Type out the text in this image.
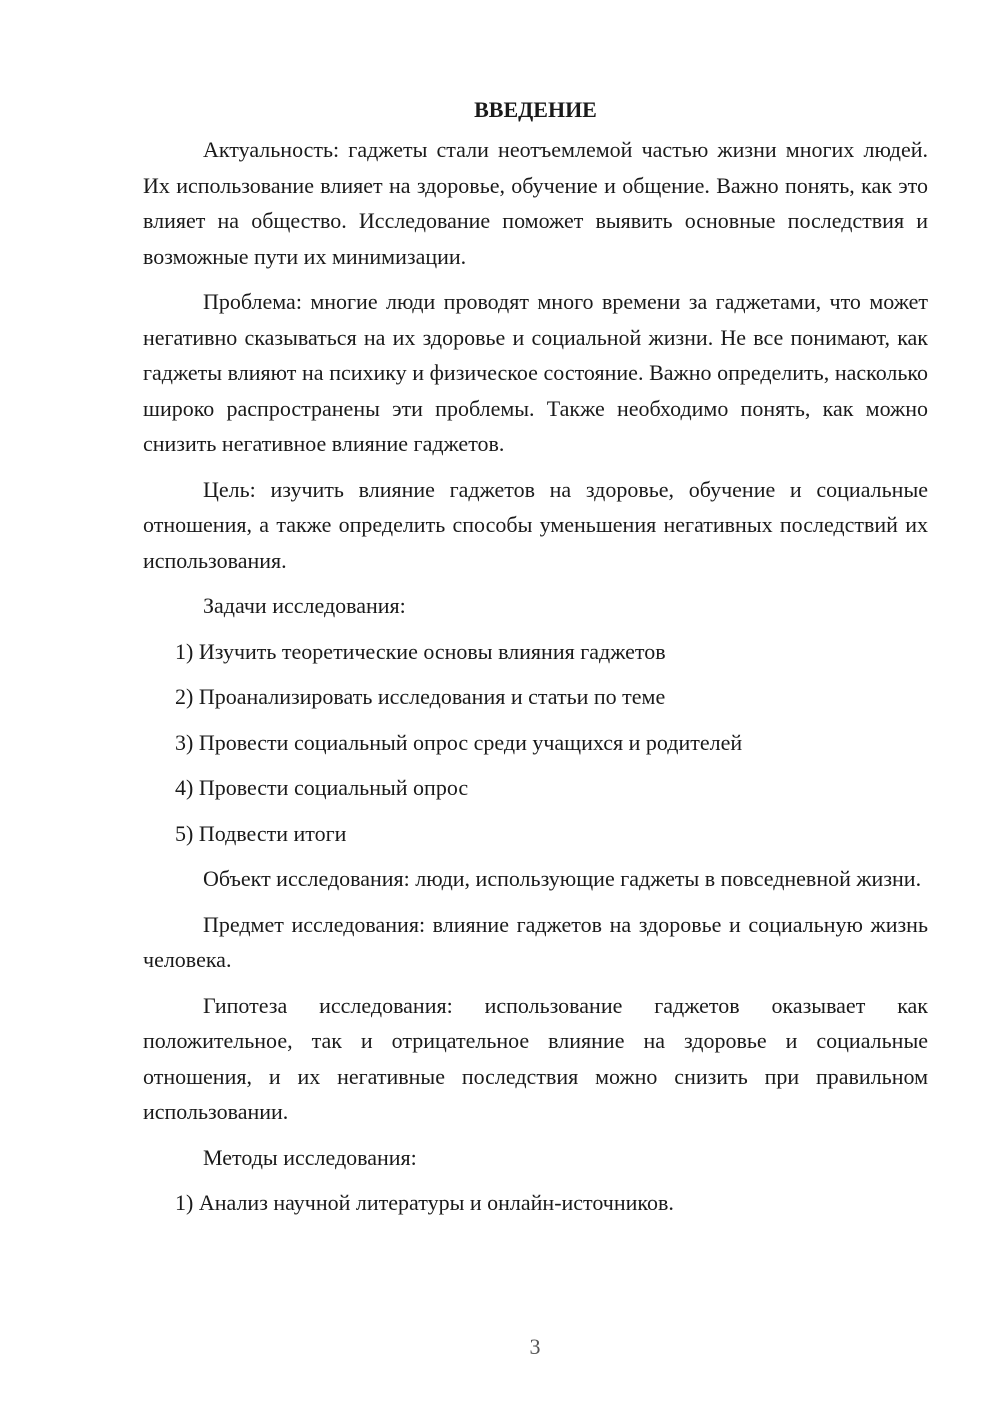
ВВЕДЕНИЕ

Актуальность: гаджеты стали неотъемлемой частью жизни многих людей. Их использование влияет на здоровье, обучение и общение. Важно понять, как это влияет на общество. Исследование поможет выявить основные последствия и возможные пути их минимизации.

Проблема: многие люди проводят много времени за гаджетами, что может негативно сказываться на их здоровье и социальной жизни. Не все понимают, как гаджеты влияют на психику и физическое состояние. Важно определить, насколько широко распространены эти проблемы. Также необходимо понять, как можно снизить негативное влияние гаджетов.

Цель: изучить влияние гаджетов на здоровье, обучение и социальные отношения, а также определить способы уменьшения негативных последствий их использования.

Задачи исследования:

1) Изучить теоретические основы влияния гаджетов

2) Проанализировать исследования и статьи по теме

3) Провести социальный опрос среди учащихся и родителей

4) Провести социальный опрос

5) Подвести итоги

Объект исследования: люди, использующие гаджеты в повседневной жизни.

Предмет исследования: влияние гаджетов на здоровье и социальную жизнь человека.

Гипотеза исследования: использование гаджетов оказывает как положительное, так и отрицательное влияние на здоровье и социальные отношения, и их негативные последствия можно снизить при правильном использовании.

Методы исследования:

1) Анализ научной литературы и онлайн-источников.

3
